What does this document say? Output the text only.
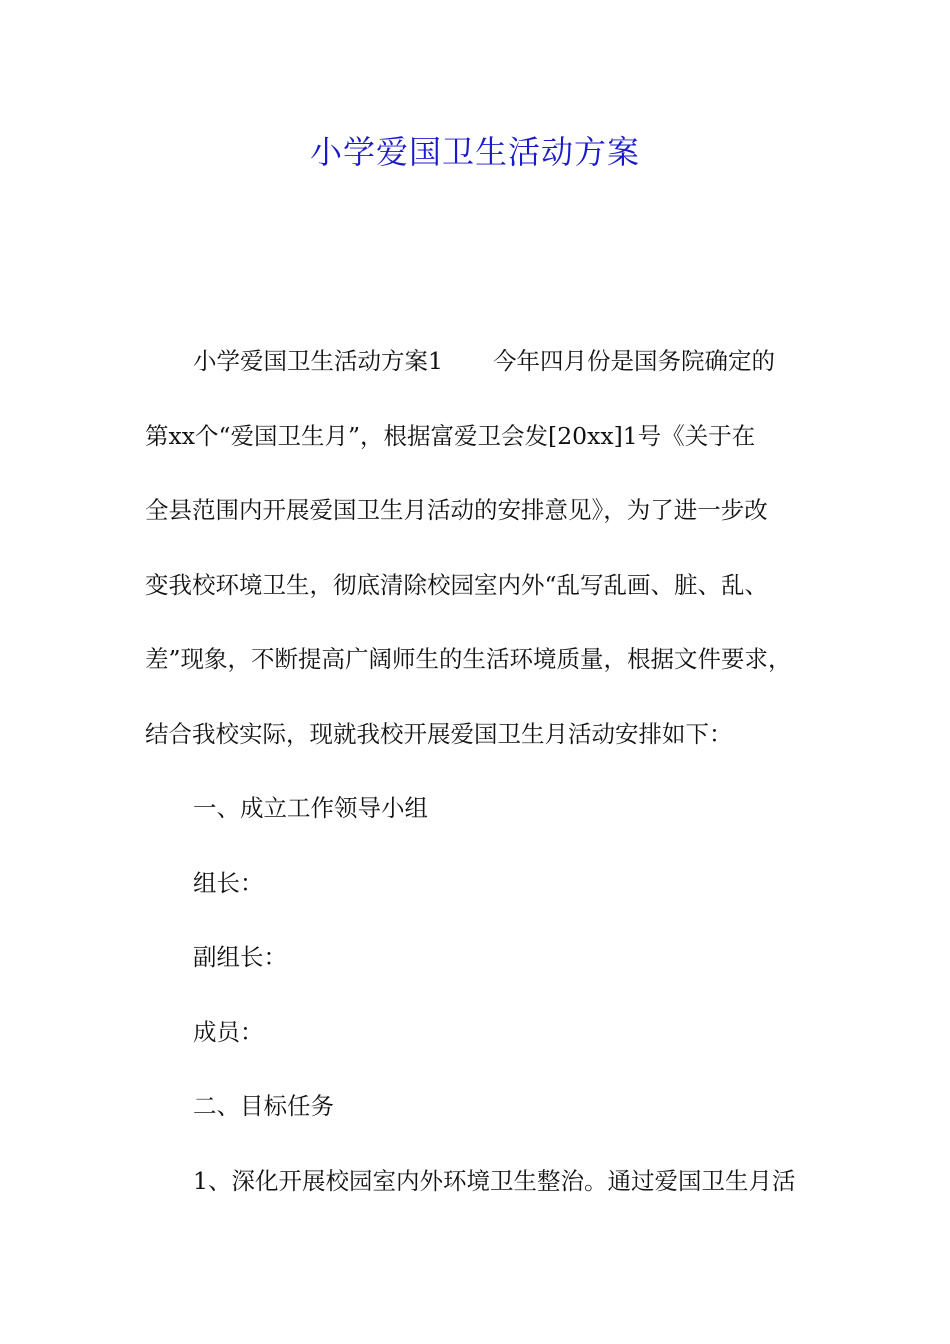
小学爱国卫生活动方案
小学爱国卫生活动方案1 今年四月份是国务院确定的
第xx个“爱国卫生月”，根据富爱卫会发[20xx]1号《关于在
全县范围内开展爱国卫生月活动的安排意见》，为了进一步改
变我校环境卫生，彻底清除校园室内外“乱写乱画、脏、乱、
差”现象，不断提高广阔师生的生活环境质量，根据文件要求，
结合我校实际，现就我校开展爱国卫生月活动安排如下：
一、成立工作领导小组
组长：
副组长：
成员：
二、目标任务
1、深化开展校园室内外环境卫生整治。通过爱国卫生月活
